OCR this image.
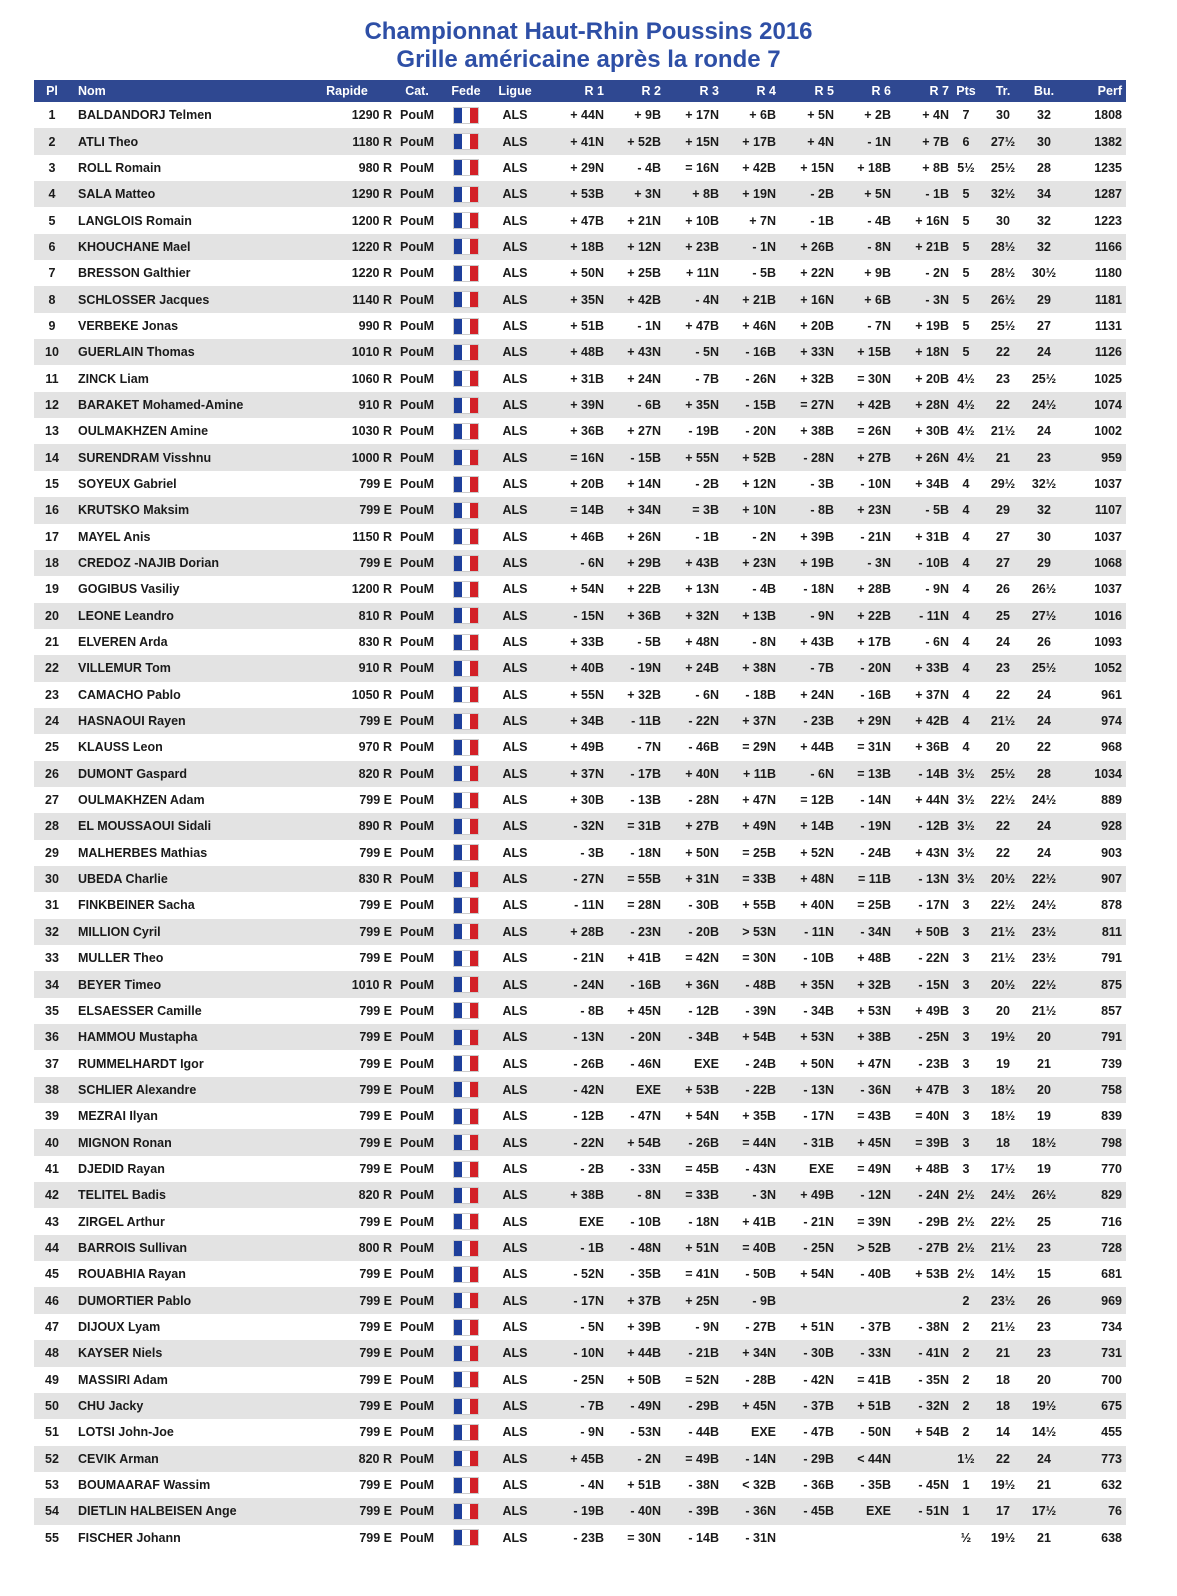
Championnat Haut-Rhin Poussins 2016
Grille américaine après la ronde 7
Pl	Nom	Rapide	Cat.	Fede	Ligue	R 1	R 2	R 3	R 4	R 5	R 6	R 7	Pts	Tr.	Bu.	Perf
1	BALDANDORJ Telmen	1290 R	PouM		ALS	+ 44N	+ 9B	+ 17N	+ 6B	+ 5N	+ 2B	+ 4N	7	30	32	1808
2	ATLI Theo	1180 R	PouM		ALS	+ 41N	+ 52B	+ 15N	+ 17B	+ 4N	- 1N	+ 7B	6	27½	30	1382
3	ROLL Romain	980 R	PouM		ALS	+ 29N	- 4B	= 16N	+ 42B	+ 15N	+ 18B	+ 8B	5½	25½	28	1235
4	SALA Matteo	1290 R	PouM		ALS	+ 53B	+ 3N	+ 8B	+ 19N	- 2B	+ 5N	- 1B	5	32½	34	1287
5	LANGLOIS Romain	1200 R	PouM		ALS	+ 47B	+ 21N	+ 10B	+ 7N	- 1B	- 4B	+ 16N	5	30	32	1223
6	KHOUCHANE Mael	1220 R	PouM		ALS	+ 18B	+ 12N	+ 23B	- 1N	+ 26B	- 8N	+ 21B	5	28½	32	1166
7	BRESSON Galthier	1220 R	PouM		ALS	+ 50N	+ 25B	+ 11N	- 5B	+ 22N	+ 9B	- 2N	5	28½	30½	1180
8	SCHLOSSER Jacques	1140 R	PouM		ALS	+ 35N	+ 42B	- 4N	+ 21B	+ 16N	+ 6B	- 3N	5	26½	29	1181
9	VERBEKE Jonas	990 R	PouM		ALS	+ 51B	- 1N	+ 47B	+ 46N	+ 20B	- 7N	+ 19B	5	25½	27	1131
10	GUERLAIN Thomas	1010 R	PouM		ALS	+ 48B	+ 43N	- 5N	- 16B	+ 33N	+ 15B	+ 18N	5	22	24	1126
11	ZINCK Liam	1060 R	PouM		ALS	+ 31B	+ 24N	- 7B	- 26N	+ 32B	= 30N	+ 20B	4½	23	25½	1025
12	BARAKET Mohamed-Amine	910 R	PouM		ALS	+ 39N	- 6B	+ 35N	- 15B	= 27N	+ 42B	+ 28N	4½	22	24½	1074
13	OULMAKHZEN Amine	1030 R	PouM		ALS	+ 36B	+ 27N	- 19B	- 20N	+ 38B	= 26N	+ 30B	4½	21½	24	1002
14	SURENDRAM Visshnu	1000 R	PouM		ALS	= 16N	- 15B	+ 55N	+ 52B	- 28N	+ 27B	+ 26N	4½	21	23	959
15	SOYEUX Gabriel	799 E	PouM		ALS	+ 20B	+ 14N	- 2B	+ 12N	- 3B	- 10N	+ 34B	4	29½	32½	1037
16	KRUTSKO Maksim	799 E	PouM		ALS	= 14B	+ 34N	= 3B	+ 10N	- 8B	+ 23N	- 5B	4	29	32	1107
17	MAYEL Anis	1150 R	PouM		ALS	+ 46B	+ 26N	- 1B	- 2N	+ 39B	- 21N	+ 31B	4	27	30	1037
18	CREDOZ -NAJIB Dorian	799 E	PouM		ALS	- 6N	+ 29B	+ 43B	+ 23N	+ 19B	- 3N	- 10B	4	27	29	1068
19	GOGIBUS Vasiliy	1200 R	PouM		ALS	+ 54N	+ 22B	+ 13N	- 4B	- 18N	+ 28B	- 9N	4	26	26½	1037
20	LEONE Leandro	810 R	PouM		ALS	- 15N	+ 36B	+ 32N	+ 13B	- 9N	+ 22B	- 11N	4	25	27½	1016
21	ELVEREN Arda	830 R	PouM		ALS	+ 33B	- 5B	+ 48N	- 8N	+ 43B	+ 17B	- 6N	4	24	26	1093
22	VILLEMUR Tom	910 R	PouM		ALS	+ 40B	- 19N	+ 24B	+ 38N	- 7B	- 20N	+ 33B	4	23	25½	1052
23	CAMACHO Pablo	1050 R	PouM		ALS	+ 55N	+ 32B	- 6N	- 18B	+ 24N	- 16B	+ 37N	4	22	24	961
24	HASNAOUI Rayen	799 E	PouM		ALS	+ 34B	- 11B	- 22N	+ 37N	- 23B	+ 29N	+ 42B	4	21½	24	974
25	KLAUSS Leon	970 R	PouM		ALS	+ 49B	- 7N	- 46B	= 29N	+ 44B	= 31N	+ 36B	4	20	22	968
26	DUMONT Gaspard	820 R	PouM		ALS	+ 37N	- 17B	+ 40N	+ 11B	- 6N	= 13B	- 14B	3½	25½	28	1034
27	OULMAKHZEN Adam	799 E	PouM		ALS	+ 30B	- 13B	- 28N	+ 47N	= 12B	- 14N	+ 44N	3½	22½	24½	889
28	EL MOUSSAOUI Sidali	890 R	PouM		ALS	- 32N	= 31B	+ 27B	+ 49N	+ 14B	- 19N	- 12B	3½	22	24	928
29	MALHERBES Mathias	799 E	PouM		ALS	- 3B	- 18N	+ 50N	= 25B	+ 52N	- 24B	+ 43N	3½	22	24	903
30	UBEDA Charlie	830 R	PouM		ALS	- 27N	= 55B	+ 31N	= 33B	+ 48N	= 11B	- 13N	3½	20½	22½	907
31	FINKBEINER Sacha	799 E	PouM		ALS	- 11N	= 28N	- 30B	+ 55B	+ 40N	= 25B	- 17N	3	22½	24½	878
32	MILLION Cyril	799 E	PouM		ALS	+ 28B	- 23N	- 20B	> 53N	- 11N	- 34N	+ 50B	3	21½	23½	811
33	MULLER Theo	799 E	PouM		ALS	- 21N	+ 41B	= 42N	= 30N	- 10B	+ 48B	- 22N	3	21½	23½	791
34	BEYER Timeo	1010 R	PouM		ALS	- 24N	- 16B	+ 36N	- 48B	+ 35N	+ 32B	- 15N	3	20½	22½	875
35	ELSAESSER Camille	799 E	PouM		ALS	- 8B	+ 45N	- 12B	- 39N	- 34B	+ 53N	+ 49B	3	20	21½	857
36	HAMMOU Mustapha	799 E	PouM		ALS	- 13N	- 20N	- 34B	+ 54B	+ 53N	+ 38B	- 25N	3	19½	20	791
37	RUMMELHARDT Igor	799 E	PouM		ALS	- 26B	- 46N	EXE	- 24B	+ 50N	+ 47N	- 23B	3	19	21	739
38	SCHLIER Alexandre	799 E	PouM		ALS	- 42N	EXE	+ 53B	- 22B	- 13N	- 36N	+ 47B	3	18½	20	758
39	MEZRAI Ilyan	799 E	PouM		ALS	- 12B	- 47N	+ 54N	+ 35B	- 17N	= 43B	= 40N	3	18½	19	839
40	MIGNON Ronan	799 E	PouM		ALS	- 22N	+ 54B	- 26B	= 44N	- 31B	+ 45N	= 39B	3	18	18½	798
41	DJEDID Rayan	799 E	PouM		ALS	- 2B	- 33N	= 45B	- 43N	EXE	= 49N	+ 48B	3	17½	19	770
42	TELITEL Badis	820 R	PouM		ALS	+ 38B	- 8N	= 33B	- 3N	+ 49B	- 12N	- 24N	2½	24½	26½	829
43	ZIRGEL Arthur	799 E	PouM		ALS	EXE	- 10B	- 18N	+ 41B	- 21N	= 39N	- 29B	2½	22½	25	716
44	BARROIS Sullivan	800 R	PouM		ALS	- 1B	- 48N	+ 51N	= 40B	- 25N	> 52B	- 27B	2½	21½	23	728
45	ROUABHIA Rayan	799 E	PouM		ALS	- 52N	- 35B	= 41N	- 50B	+ 54N	- 40B	+ 53B	2½	14½	15	681
46	DUMORTIER Pablo	799 E	PouM		ALS	- 17N	+ 37B	+ 25N	- 9B				2	23½	26	969
47	DIJOUX Lyam	799 E	PouM		ALS	- 5N	+ 39B	- 9N	- 27B	+ 51N	- 37B	- 38N	2	21½	23	734
48	KAYSER Niels	799 E	PouM		ALS	- 10N	+ 44B	- 21B	+ 34N	- 30B	- 33N	- 41N	2	21	23	731
49	MASSIRI Adam	799 E	PouM		ALS	- 25N	+ 50B	= 52N	- 28B	- 42N	= 41B	- 35N	2	18	20	700
50	CHU Jacky	799 E	PouM		ALS	- 7B	- 49N	- 29B	+ 45N	- 37B	+ 51B	- 32N	2	18	19½	675
51	LOTSI John-Joe	799 E	PouM		ALS	- 9N	- 53N	- 44B	EXE	- 47B	- 50N	+ 54B	2	14	14½	455
52	CEVIK Arman	820 R	PouM		ALS	+ 45B	- 2N	= 49B	- 14N	- 29B	< 44N		1½	22	24	773
53	BOUMAARAF Wassim	799 E	PouM		ALS	- 4N	+ 51B	- 38N	< 32B	- 36B	- 35B	- 45N	1	19½	21	632
54	DIETLIN HALBEISEN Ange	799 E	PouM		ALS	- 19B	- 40N	- 39B	- 36N	- 45B	EXE	- 51N	1	17	17½	76
55	FISCHER Johann	799 E	PouM		ALS	- 23B	= 30N	- 14B	- 31N				½	19½	21	638
